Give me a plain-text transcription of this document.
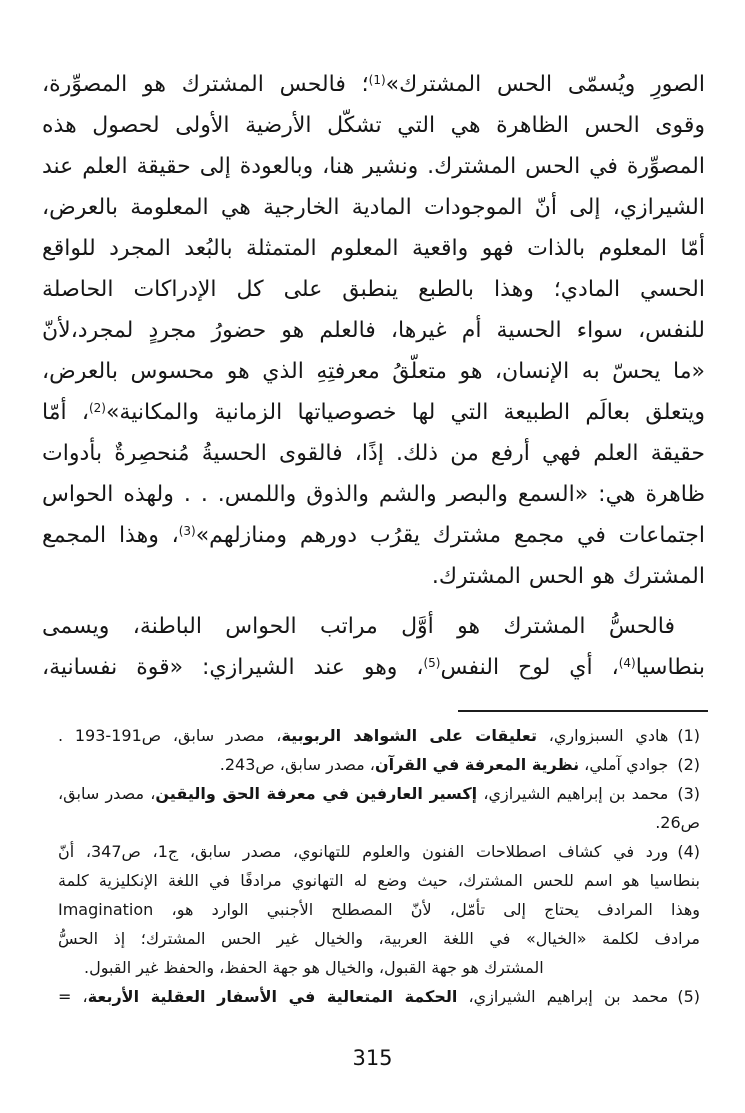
الصورِ ويُسمّى الحس المشترك»$^{(1)}$؛ فالحس المشترك هو المصوِّرة،
وقوى الحس الظاهرة هي التي تشكّل الأرضية الأولى لحصول هذه
المصوِّرة في الحس المشترك. ونشير هنا، وبالعودة إلى حقيقة العلم عند
الشيرازي، إلى أنّ الموجودات المادية الخارجية هي المعلومة بالعرض،
أمّا المعلوم بالذات فهو واقعية المعلوم المتمثلة بالبُعد المجرد للواقع
الحسي المادي؛ وهذا بالطبع ينطبق على كل الإدراكات الحاصلة
للنفس، سواء الحسية أم غيرها، فالعلم هو حضورُ مجردٍ لمجرد،لأنّ
«ما يحسّ به الإنسان، هو متعلّقُ معرفتِهِ الذي هو محسوس بالعرض،
ويتعلق بعالَم الطبيعة التي لها خصوصياتها الزمانية والمكانية»$^{(2)}$، أمّا
حقيقة العلم فهي أرفع من ذلك. إذًا، فالقوى الحسيةُ مُنحصِرةٌ بأدوات
ظاهرة هي: «السمع والبصر والشم والذوق واللمس. . . ولهذه الحواس
اجتماعات في مجمع مشترك يقرُب دورهم ومنازلهم»$^{(3)}$، وهذا المجمع
المشترك هو الحس المشترك.
فالحسُّ المشترك هو أوَّل مراتب الحواس الباطنة، ويسمى
بنطاسيا$^{(4)}$، أي لوح النفس$^{(5)}$، وهو عند الشيرازي: «قوة نفسانية،
(1)هادي السبزواري، تعليقات على الشواهد الربوبية، مصدر سابق، ص191‏-‏193 .
(2)جوادي آملي، نظرية المعرفة في القرآن، مصدر سابق، ص243.
(3)محمد بن إبراهيم الشيرازي، إكسير العارفين في معرفة الحق واليقين، مصدر سابق،
ص26.
(4)ورد في كشاف اصطلاحات الفنون والعلوم للتهانوي، مصدر سابق، ج1، ص347، أنّ
بنطاسيا هو اسم للحس المشترك، حيث وضع له التهانوي مرادفًا في اللغة الإنكليزية كلمة
وهذا المرادف يحتاج إلى تأمّل، لأنّ المصطلح الأجنبي الوارد هو‏، Imagination
مرادف لكلمة «الخيال» في اللغة العربية، والخيال غير الحس المشترك؛ إذ الحسُّ
المشترك هو جهة القبول، والخيال هو جهة الحفظ، والحفظ غير القبول.
(5)محمد بن إبراهيم الشيرازي، الحكمة المتعالية في الأسفار العقلية الأربعة، =
315
